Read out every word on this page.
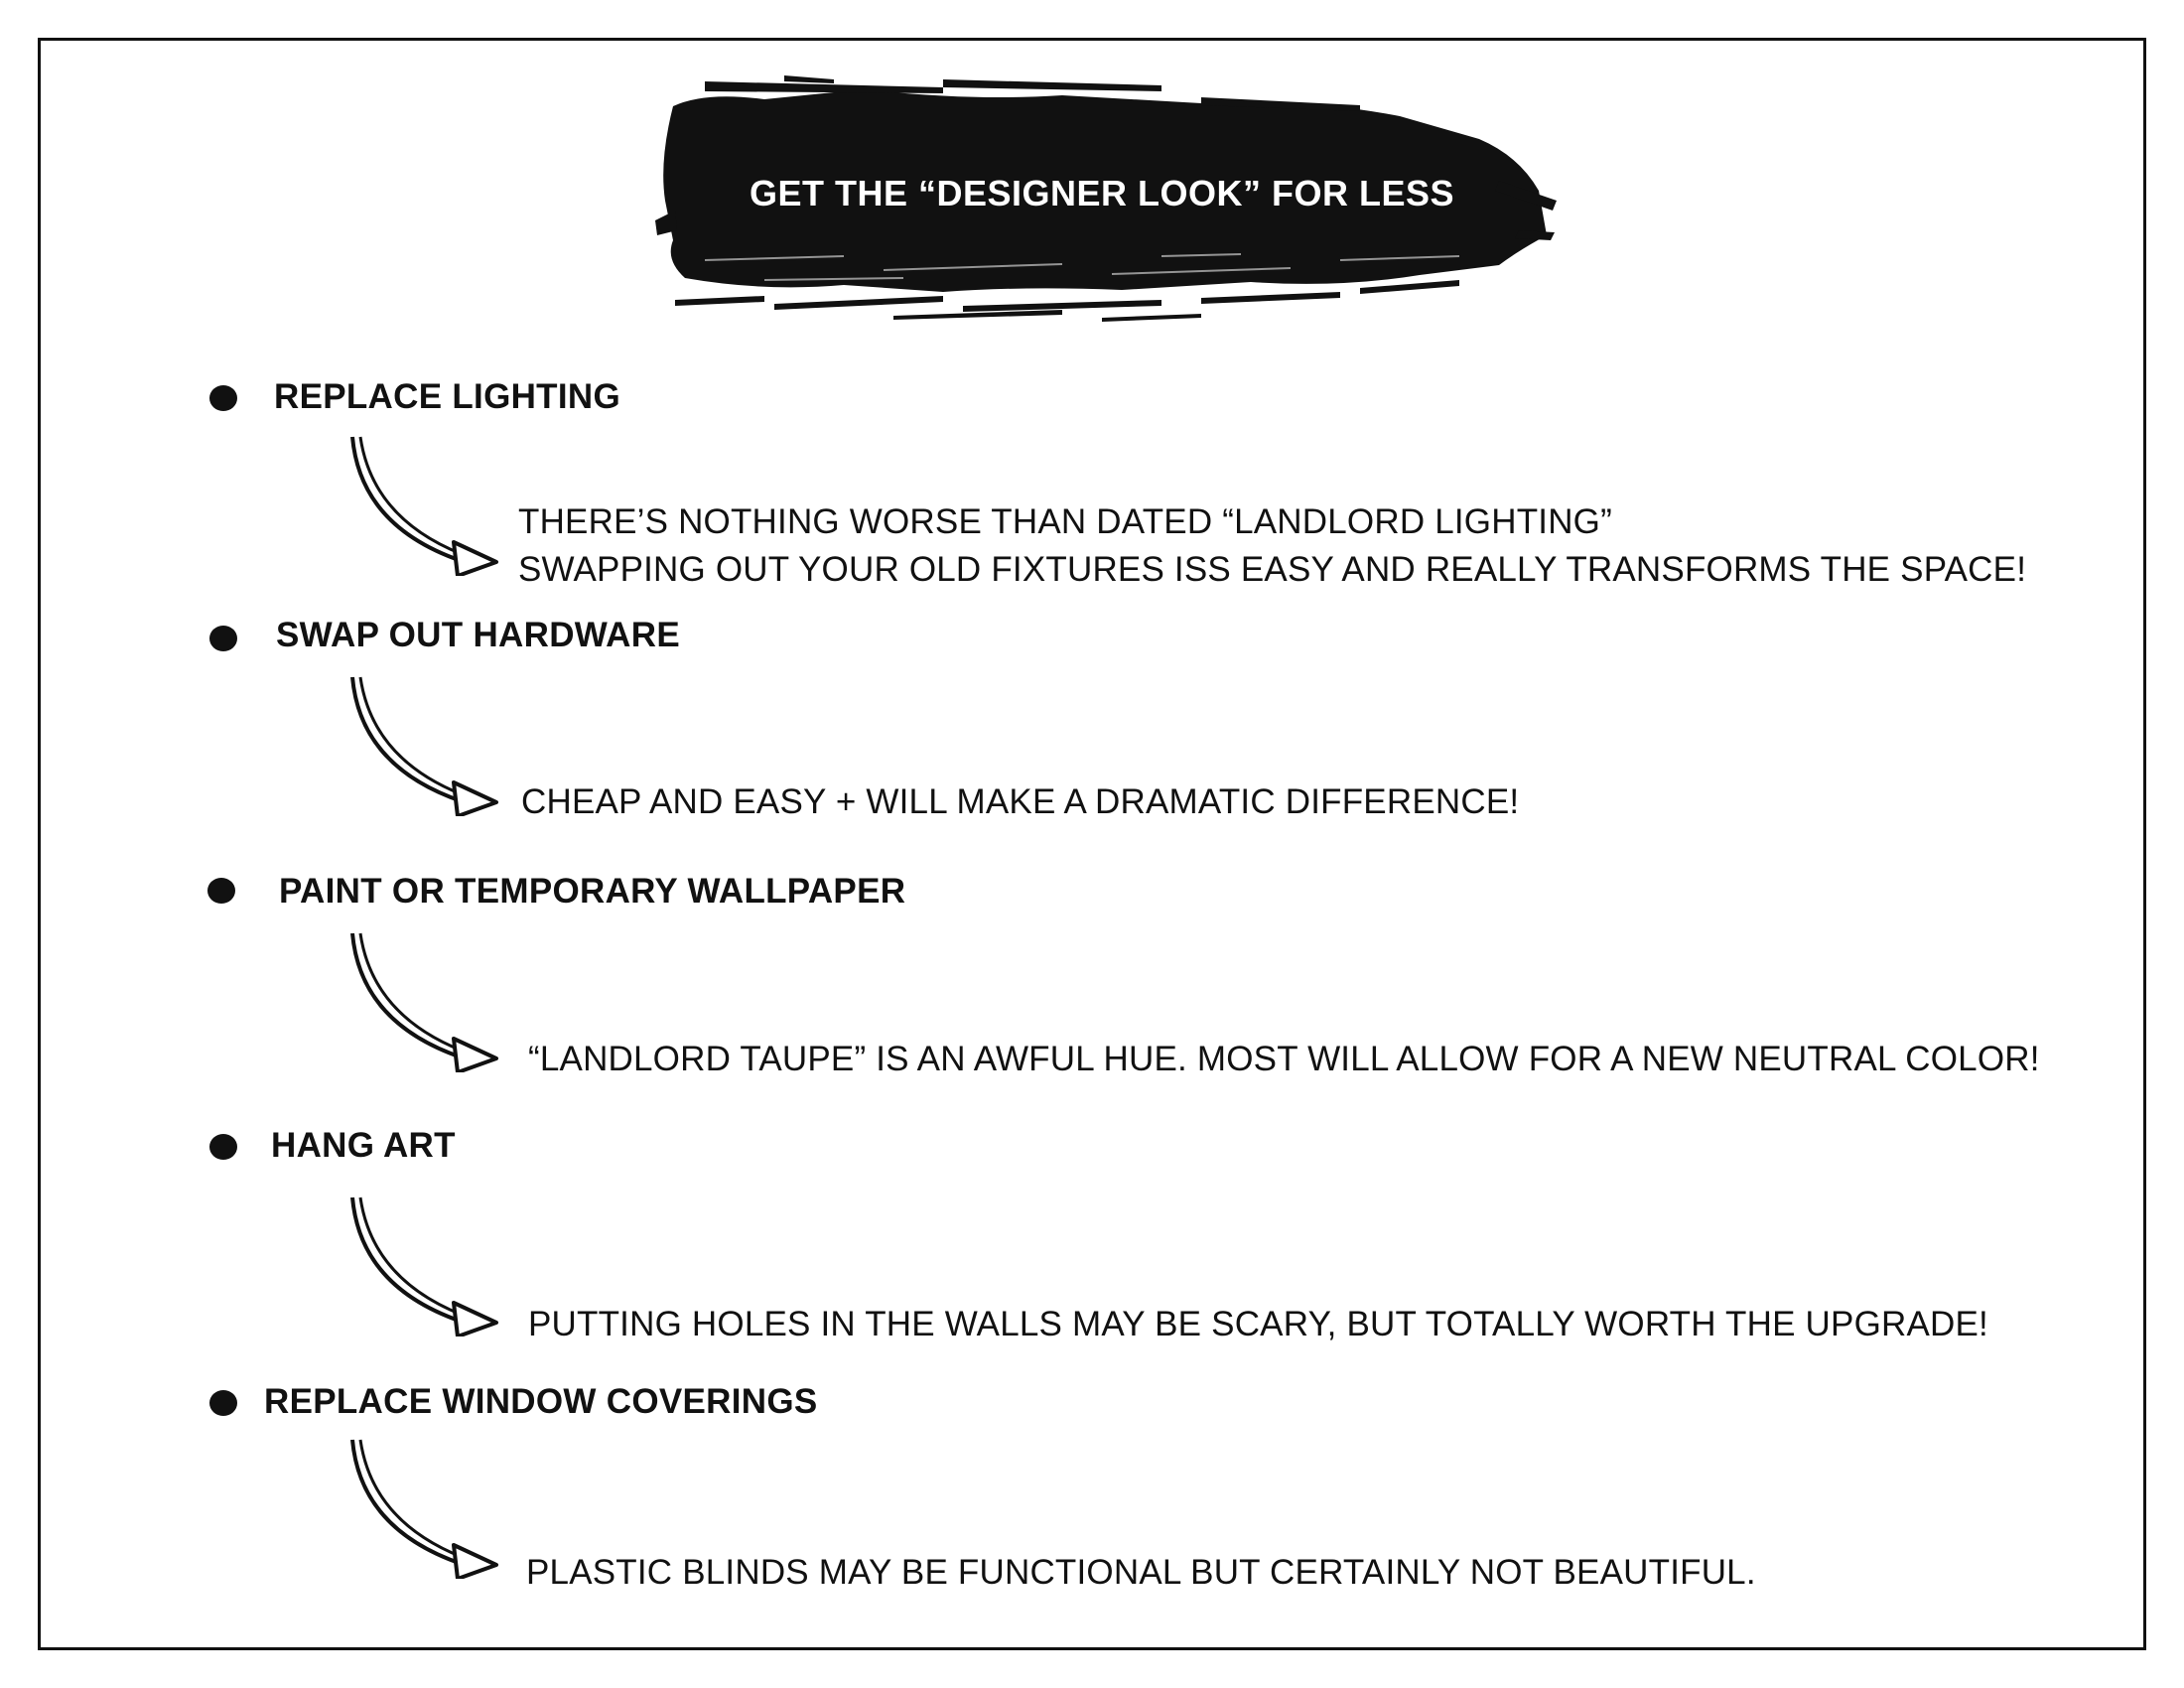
GET THE “DESIGNER LOOK” FOR LESS
REPLACE LIGHTING
THERE’S NOTHING WORSE THAN DATED “LANDLORD LIGHTING”
SWAPPING OUT YOUR OLD FIXTURES ISS EASY AND REALLY TRANSFORMS THE SPACE!
SWAP OUT HARDWARE
CHEAP AND EASY + WILL MAKE A DRAMATIC DIFFERENCE!
PAINT OR TEMPORARY WALLPAPER
“LANDLORD TAUPE” IS AN AWFUL HUE. MOST WILL ALLOW FOR A NEW NEUTRAL COLOR!
HANG ART
PUTTING HOLES IN THE WALLS MAY BE SCARY, BUT TOTALLY WORTH THE UPGRADE!
REPLACE WINDOW COVERINGS
PLASTIC BLINDS MAY BE FUNCTIONAL BUT CERTAINLY NOT BEAUTIFUL.
